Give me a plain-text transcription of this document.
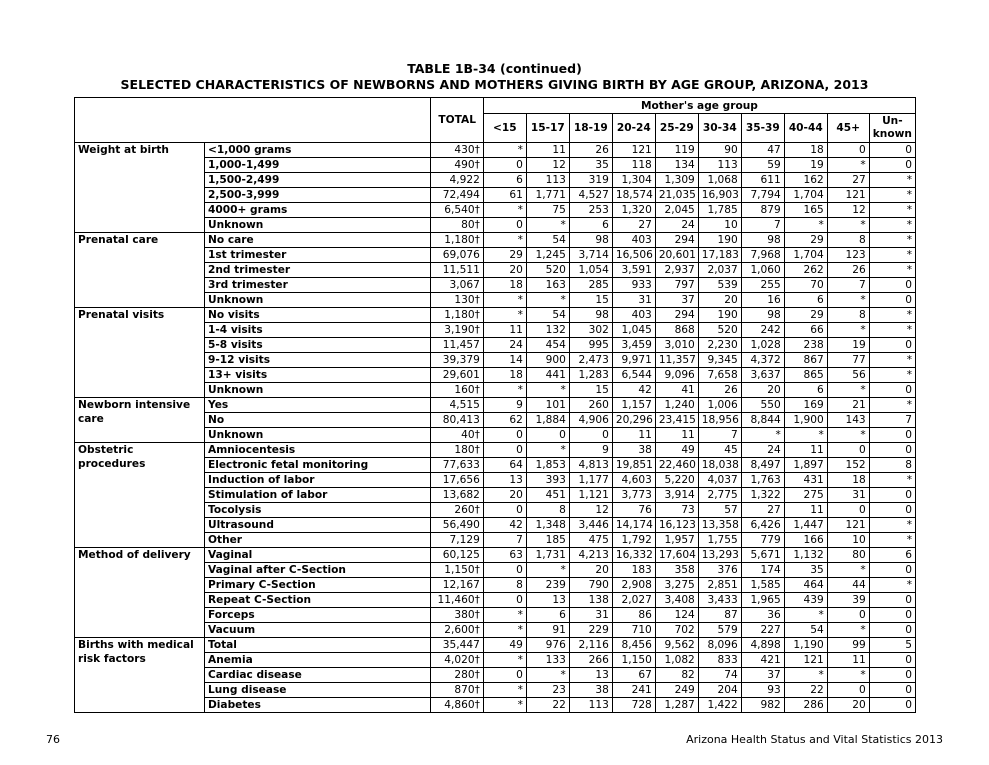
TABLE 1B-34 (continued)
SELECTED CHARACTERISTICS OF NEWBORNS AND MOTHERS GIVING BIRTH BY AGE GROUP, ARIZONA, 2013
		TOTAL	Mother's age group									
			<15	15-17	18-19	20-24	25-29	30-34	35-39	40-44	45+	Un-known
Weight at birth	<1,000 grams	430†	*	11	26	121	119	90	47	18	0	0
	1,000-1,499	490†	0	12	35	118	134	113	59	19	*	0
	1,500-2,499	4,922	6	113	319	1,304	1,309	1,068	611	162	27	*
	2,500-3,999	72,494	61	1,771	4,527	18,574	21,035	16,903	7,794	1,704	121	*
	4000+ grams	6,540†	*	75	253	1,320	2,045	1,785	879	165	12	*
	Unknown	80†	0	*	6	27	24	10	7	*	*	*
Prenatal care	No care	1,180†	*	54	98	403	294	190	98	29	8	*
	1st trimester	69,076	29	1,245	3,714	16,506	20,601	17,183	7,968	1,704	123	*
	2nd trimester	11,511	20	520	1,054	3,591	2,937	2,037	1,060	262	26	*
	3rd trimester	3,067	18	163	285	933	797	539	255	70	7	0
	Unknown	130†	*	*	15	31	37	20	16	6	*	0
Prenatal visits	No visits	1,180†	*	54	98	403	294	190	98	29	8	*
	1-4 visits	3,190†	11	132	302	1,045	868	520	242	66	*	*
	5-8 visits	11,457	24	454	995	3,459	3,010	2,230	1,028	238	19	0
	9-12 visits	39,379	14	900	2,473	9,971	11,357	9,345	4,372	867	77	*
	13+ visits	29,601	18	441	1,283	6,544	9,096	7,658	3,637	865	56	*
	Unknown	160†	*	*	15	42	41	26	20	6	*	0
Newborn intensive care	Yes	4,515	9	101	260	1,157	1,240	1,006	550	169	21	*
	No	80,413	62	1,884	4,906	20,296	23,415	18,956	8,844	1,900	143	7
	Unknown	40†	0	0	0	11	11	7	*	*	*	0
Obstetric procedures	Amniocentesis	180†	0	*	9	38	49	45	24	11	0	0
	Electronic fetal monitoring	77,633	64	1,853	4,813	19,851	22,460	18,038	8,497	1,897	152	8
	Induction of labor	17,656	13	393	1,177	4,603	5,220	4,037	1,763	431	18	*
	Stimulation of labor	13,682	20	451	1,121	3,773	3,914	2,775	1,322	275	31	0
	Tocolysis	260†	0	8	12	76	73	57	27	11	0	0
	Ultrasound	56,490	42	1,348	3,446	14,174	16,123	13,358	6,426	1,447	121	*
	Other	7,129	7	185	475	1,792	1,957	1,755	779	166	10	*
Method of delivery	Vaginal	60,125	63	1,731	4,213	16,332	17,604	13,293	5,671	1,132	80	6
	Vaginal after C-Section	1,150†	0	*	20	183	358	376	174	35	*	0
	Primary C-Section	12,167	8	239	790	2,908	3,275	2,851	1,585	464	44	*
	Repeat C-Section	11,460†	0	13	138	2,027	3,408	3,433	1,965	439	39	0
	Forceps	380†	*	6	31	86	124	87	36	*	0	0
	Vacuum	2,600†	*	91	229	710	702	579	227	54	*	0
Births with medical risk factors	Total	35,447	49	976	2,116	8,456	9,562	8,096	4,898	1,190	99	5
	Anemia	4,020†	*	133	266	1,150	1,082	833	421	121	11	0
	Cardiac disease	280†	0	*	13	67	82	74	37	*	*	0
	Lung disease	870†	*	23	38	241	249	204	93	22	0	0
	Diabetes	4,860†	*	22	113	728	1,287	1,422	982	286	20	0
76	Arizona Health Status and Vital Statistics 2013
